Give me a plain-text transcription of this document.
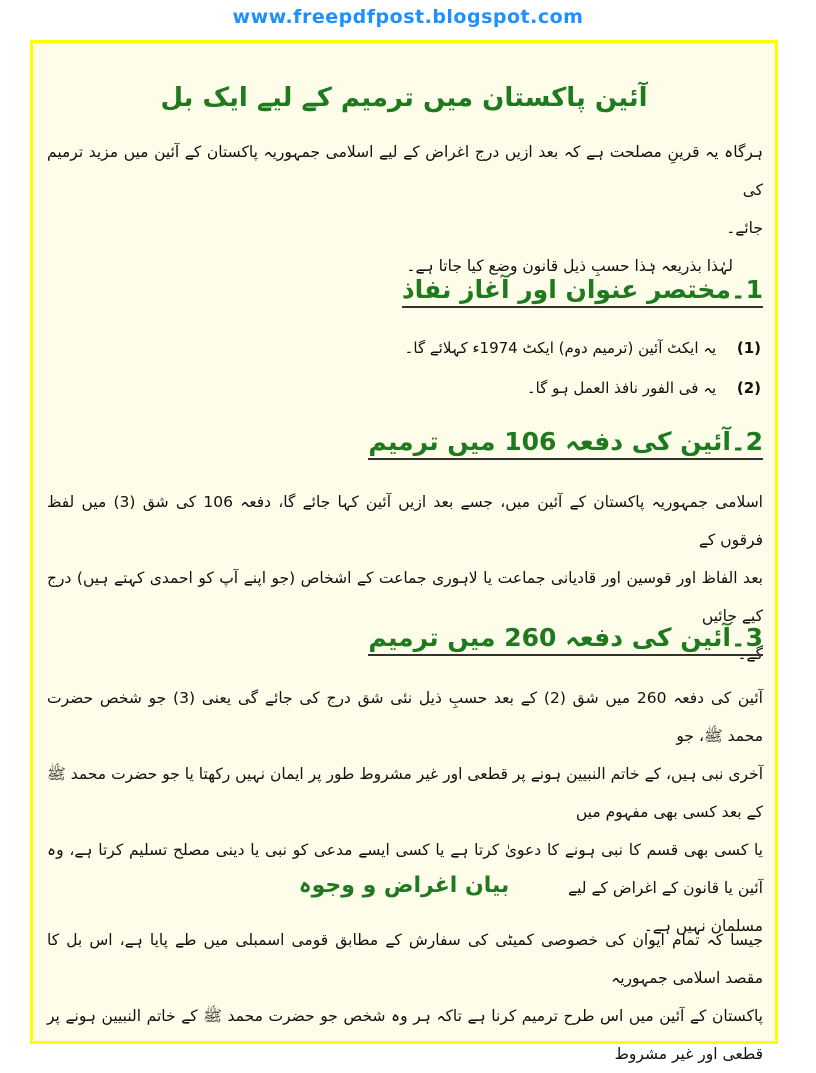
www.freepdfpost.blogspot.com
آئین پاکستان میں ترمیم کے لیے ایک بل
ہرگاہ یہ قرینِ مصلحت ہے کہ بعد ازیں درج اغراض کے لیے اسلامی جمہوریہ پاکستان کے آئین میں مزید ترمیم کی
جائے۔
لہٰذا بذریعہ ہٰذا حسبِ ذیل قانون وضع کیا جاتا ہے۔
1۔مختصر عنوان اور آغاز نفاذ
(1) یہ ایکٹ آئین (ترمیم دوم) ایکٹ 1974ء کہلائے گا۔
(2) یہ فی الفور نافذ العمل ہو گا۔
2۔آئین کی دفعہ 106 میں ترمیم
اسلامی جمہوریہ پاکستان کے آئین میں، جسے بعد ازیں آئین کہا جائے گا، دفعہ 106 کی شق (3) میں لفظ فرقوں کے
بعد الفاظ اور قوسین اور قادیانی جماعت یا لاہوری جماعت کے اشخاص (جو اپنے آپ کو احمدی کہتے ہیں) درج کیے جائیں
گے۔
3۔آئین کی دفعہ 260 میں ترمیم
آئین کی دفعہ 260 میں شق (2) کے بعد حسبِ ذیل نئی شق درج کی جائے گی یعنی (3) جو شخص حضرت محمد ﷺ، جو
آخری نبی ہیں، کے خاتم النبیین ہونے پر قطعی اور غیر مشروط طور پر ایمان نہیں رکھتا یا جو حضرت محمد ﷺ کے بعد کسی بھی مفہوم میں
یا کسی بھی قسم کا نبی ہونے کا دعویٰ کرتا ہے یا کسی ایسے مدعی کو نبی یا دینی مصلح تسلیم کرتا ہے، وہ آئین یا قانون کے اغراض کے لیے
مسلمان نہیں ہے۔
بیان اغراض و وجوہ
جیسا کہ تمام ایوان کی خصوصی کمیٹی کی سفارش کے مطابق قومی اسمبلی میں طے پایا ہے، اس بل کا مقصد اسلامی جمہوریہ
پاکستان کے آئین میں اس طرح ترمیم کرنا ہے تاکہ ہر وہ شخص جو حضرت محمد ﷺ کے خاتم النبیین ہونے پر قطعی اور غیر مشروط
